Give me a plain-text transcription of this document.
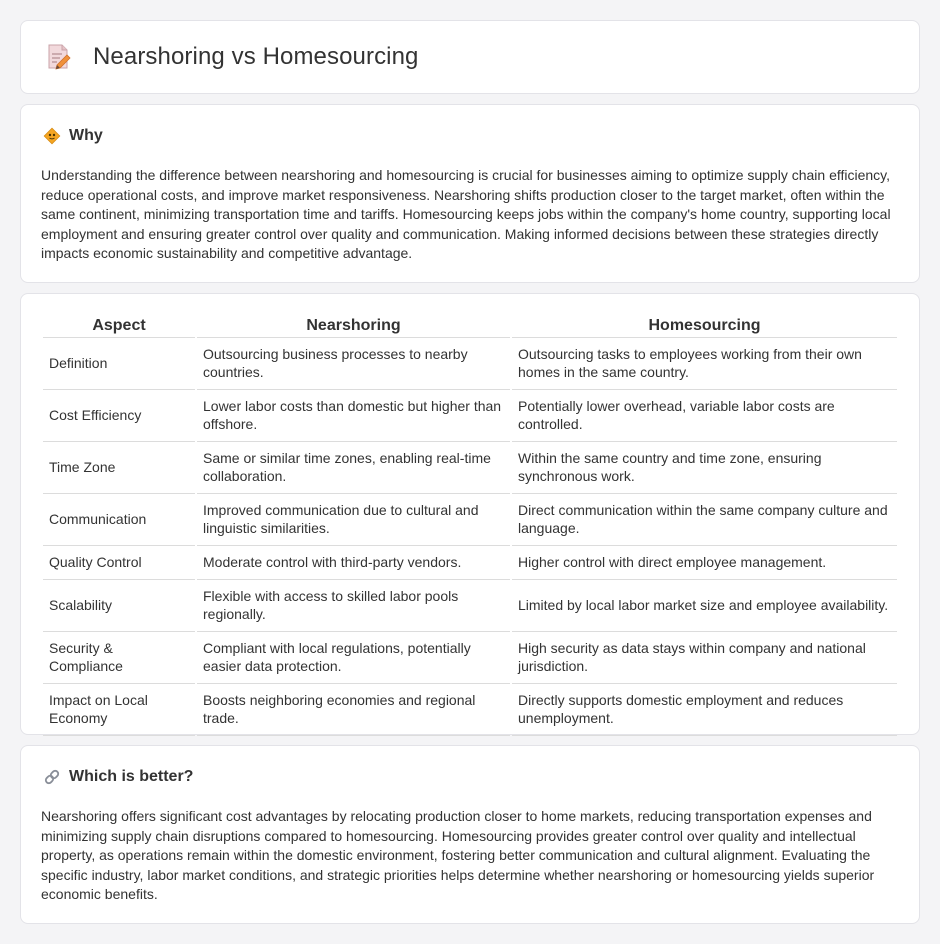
Nearshoring vs Homesourcing
Why

Understanding the difference between nearshoring and homesourcing is crucial for businesses aiming to optimize supply chain efficiency, reduce operational costs, and improve market responsiveness. Nearshoring shifts production closer to the target market, often within the same continent, minimizing transportation time and tariffs. Homesourcing keeps jobs within the company's home country, supporting local employment and ensuring greater control over quality and communication. Making informed decisions between these strategies directly impacts economic sustainability and competitive advantage.

Aspect	Nearshoring	Homesourcing
Definition	Outsourcing business processes to nearby countries.	Outsourcing tasks to employees working from their own homes in the same country.
Cost Efficiency	Lower labor costs than domestic but higher than offshore.	Potentially lower overhead, variable labor costs are controlled.
Time Zone	Same or similar time zones, enabling real-time collaboration.	Within the same country and time zone, ensuring synchronous work.
Communication	Improved communication due to cultural and linguistic similarities.	Direct communication within the same company culture and language.
Quality Control	Moderate control with third-party vendors.	Higher control with direct employee management.
Scalability	Flexible with access to skilled labor pools regionally.	Limited by local labor market size and employee availability.
Security & Compliance	Compliant with local regulations, potentially easier data protection.	High security as data stays within company and national jurisdiction.
Impact on Local Economy	Boosts neighboring economies and regional trade.	Directly supports domestic employment and reduces unemployment.
Which is better?

Nearshoring offers significant cost advantages by relocating production closer to home markets, reducing transportation expenses and minimizing supply chain disruptions compared to homesourcing. Homesourcing provides greater control over quality and intellectual property, as operations remain within the domestic environment, fostering better communication and cultural alignment. Evaluating the specific industry, labor market conditions, and strategic priorities helps determine whether nearshoring or homesourcing yields superior economic benefits.
